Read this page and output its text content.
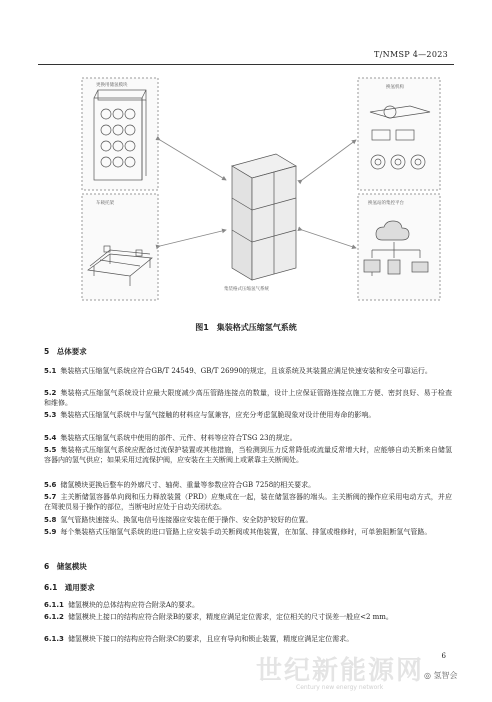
T/NMSP 4—2023
更换用储氢模块
车载托架
集装格式压缩氢气系统
换氢机构
换氢站的集控平台
图1　集装格式压缩氢气系统
5　总体要求
5.1 集装格式压缩氢气系统应符合GB/T 24549、GB/T 26990的规定，且该系统及其装置应满足快速安装和安全可靠运行。
5.2 集装格式压缩氢气系统设计应最大限度减少高压管路连接点的数量，设计上应保证管路连接点施工方便、密封良好、易于检查和维修。
5.3 集装格式压缩氢气系统中与氢气接触的材料应与氢兼容，应充分考虑氢脆现象对设计使用寿命的影响。
5.4 集装格式压缩氢气系统中使用的部件、元件、材料等应符合TSG 23的规定。
5.5 集装格式压缩氢气系统应配备过流保护装置或其他措施，当检测到压力反常降低或流量反常增大时，应能够自动关断来自储氢容器内的氢气供应；如果采用过流保护阀，应安装在主关断阀上或紧靠主关断阀处。
5.6 储氢模块更换后整车的外廓尺寸、轴荷、重量等参数应符合GB 7258的相关要求。
5.7 主关断储氢容器单向阀和压力释放装置（PRD）应集成在一起，装在储氢容器的端头。主关断阀的操作应采用电动方式，并应在驾驶员易于操作的部位，当断电时应处于自动关闭状态。
5.8 氢气管路快速接头、换氢电信号连接器应安装在便于操作、安全防护较好的位置。
5.9 每个集装格式压缩氢气系统的进口管路上应安装手动关断阀或其他装置，在加氢、排氢或维修时，可单独阻断氢气管路。
6　储氢模块
6.1　通用要求
6.1.1 储氢模块的总体结构应符合附录A的要求。
6.1.2 储氢模块上接口的结构应符合附录B的要求，精度应满足定位需求，定位相关的尺寸误差一般应<2 mm。
6.1.3 储氢模块下接口的结构应符合附录C的要求，且应有导向和锁止装置，精度应满足定位需求。
6
世纪新能源网
Century new energy network
◎ 氢智会
